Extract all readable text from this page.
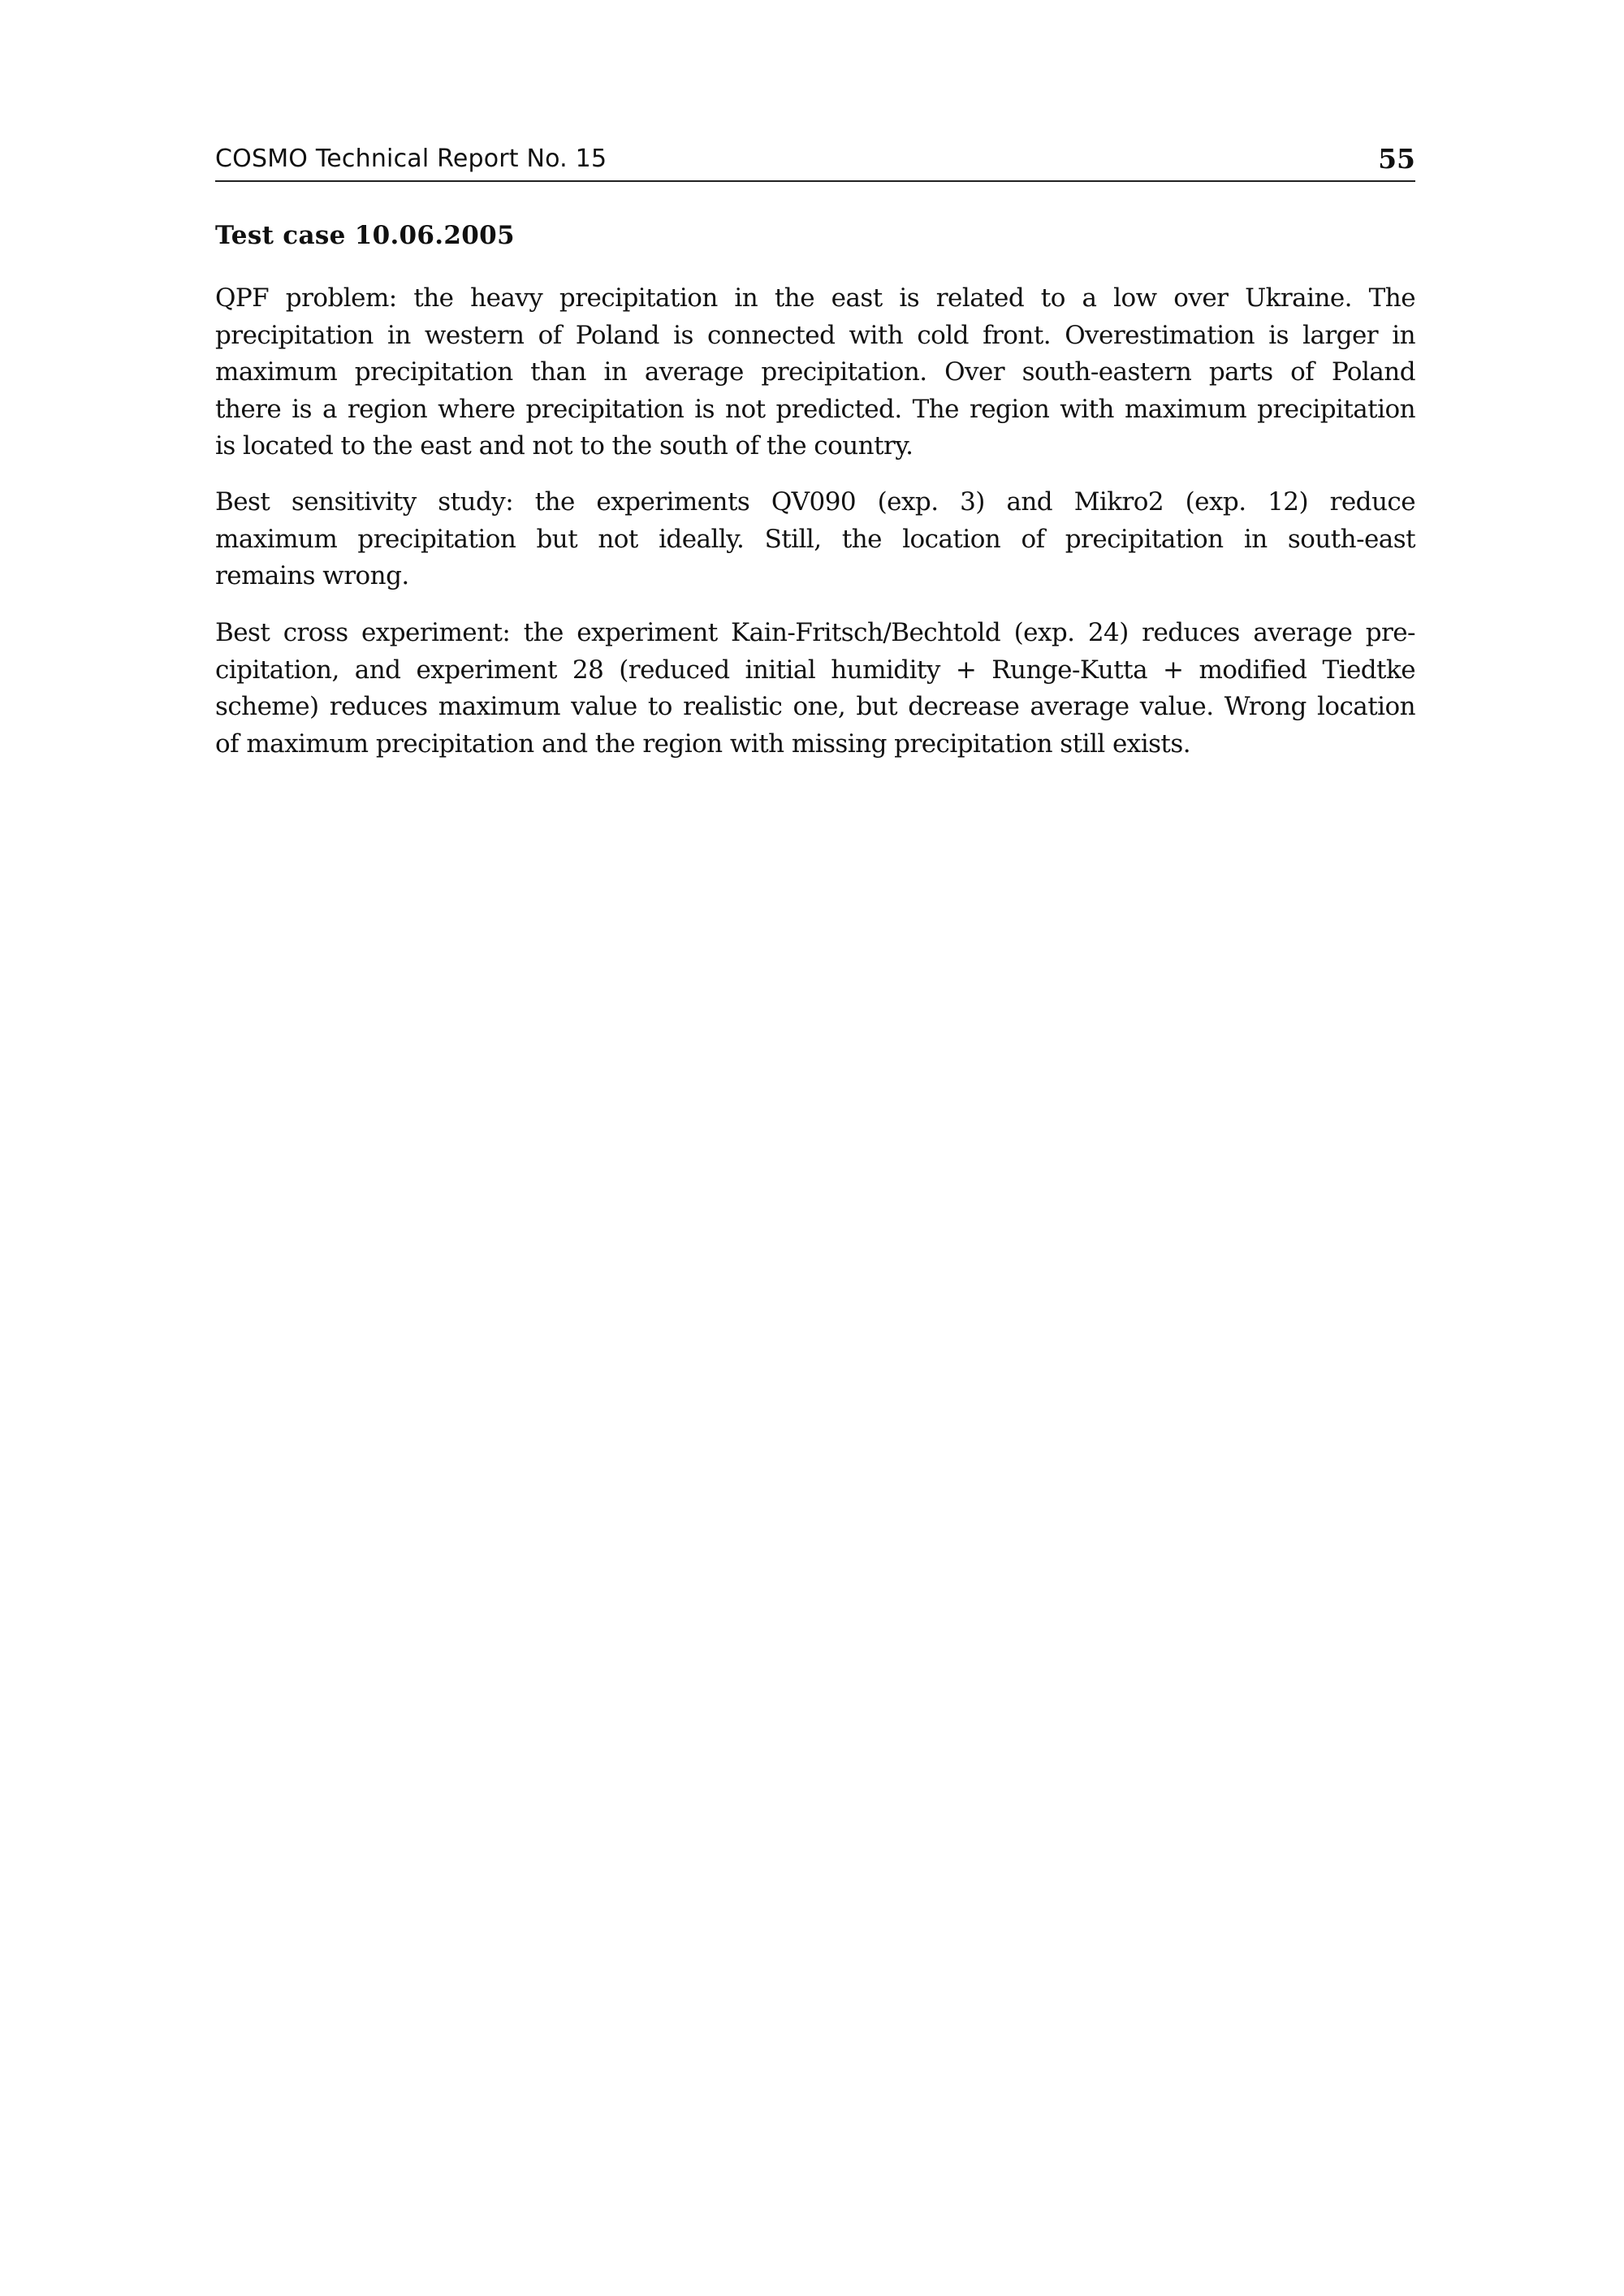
COSMO Technical Report No. 15	55
Test case 10.06.2005
QPF problem: the heavy precipitation in the east is related to a low over Ukraine. The
precipitation in western of Poland is connected with cold front. Overestimation is larger in
maximum precipitation than in average precipitation. Over south-eastern parts of Poland
there is a region where precipitation is not predicted. The region with maximum precipitation
is located to the east and not to the south of the country.
Best sensitivity study: the experiments QV090 (exp. 3) and Mikro2 (exp. 12) reduce
maximum precipitation but not ideally. Still, the location of precipitation in south-east
remains wrong.
Best cross experiment: the experiment Kain-Fritsch/Bechtold (exp. 24) reduces average pre-
cipitation, and experiment 28 (reduced initial humidity + Runge-Kutta + modified Tiedtke
scheme) reduces maximum value to realistic one, but decrease average value. Wrong location
of maximum precipitation and the region with missing precipitation still exists.
